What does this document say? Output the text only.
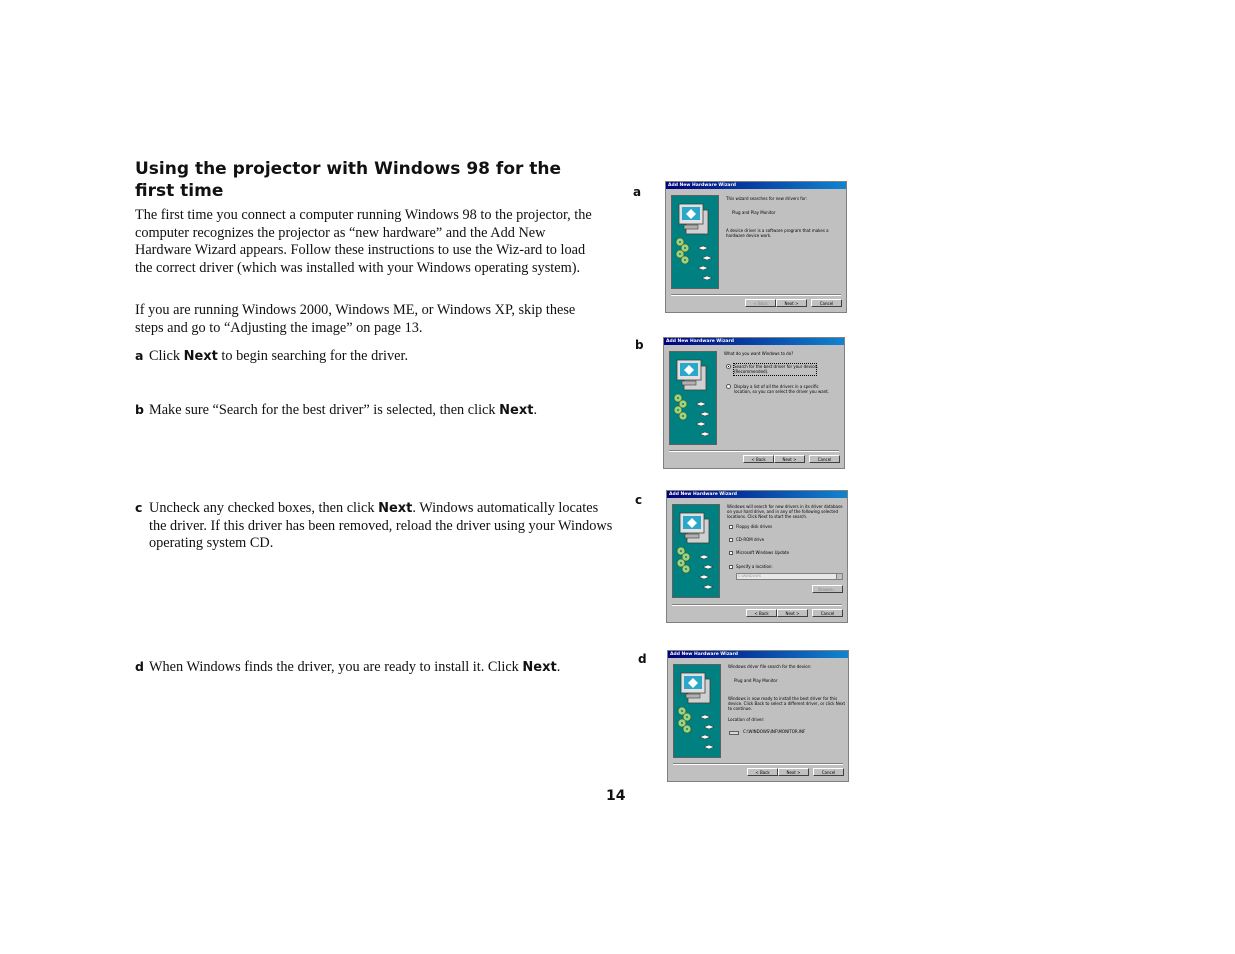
Using the projector with Windows 98 for the first time

The first time you connect a computer running Windows 98 to the projector, the computer recognizes the projector as “new hardware” and the Add New Hardware Wizard appears. Follow these instructions to use the Wiz-ard to load the correct driver (which was installed with your Windows operating system).

If you are running Windows 2000, Windows ME, or Windows XP, skip these steps and go to “Adjusting the image” on page 13.

a Click Next to begin searching for the driver.

b Make sure “Search for the best driver” is selected, then click Next.

c Uncheck any checked boxes, then click Next. Windows automatically locates the driver. If this driver has been removed, reload the driver using your Windows operating system CD.

d When Windows finds the driver, you are ready to install it. Click Next.

a
b
c
d
Add New Hardware Wizard
This wizard searches for new drivers for:
Plug and Play Monitor
A device driver is a software program that makes a
hardware device work.
< Back	Next >	Cancel
Add New Hardware Wizard
What do you want Windows to do?
Search for the best driver for your device.
(Recommended).
Display a list of all the drivers in a specific
location, so you can select the driver you want.
< Back	Next >	Cancel
Add New Hardware Wizard
Windows will search for new drivers in its driver database
on your hard drive, and in any of the following selected
locations. Click Next to start the search.
Floppy disk drives
CD-ROM drive
Microsoft Windows Update
Specify a location:
C:\WINDOWS
Browse...
< Back	Next >	Cancel
Add New Hardware Wizard
Windows driver file search for the device:
Plug and Play Monitor
Windows is now ready to install the best driver for this
device. Click Back to select a different driver, or click Next
to continue.
Location of driver:
C:\WINDOWS\INF\MONITOR.INF
< Back	Next >	Cancel
14
